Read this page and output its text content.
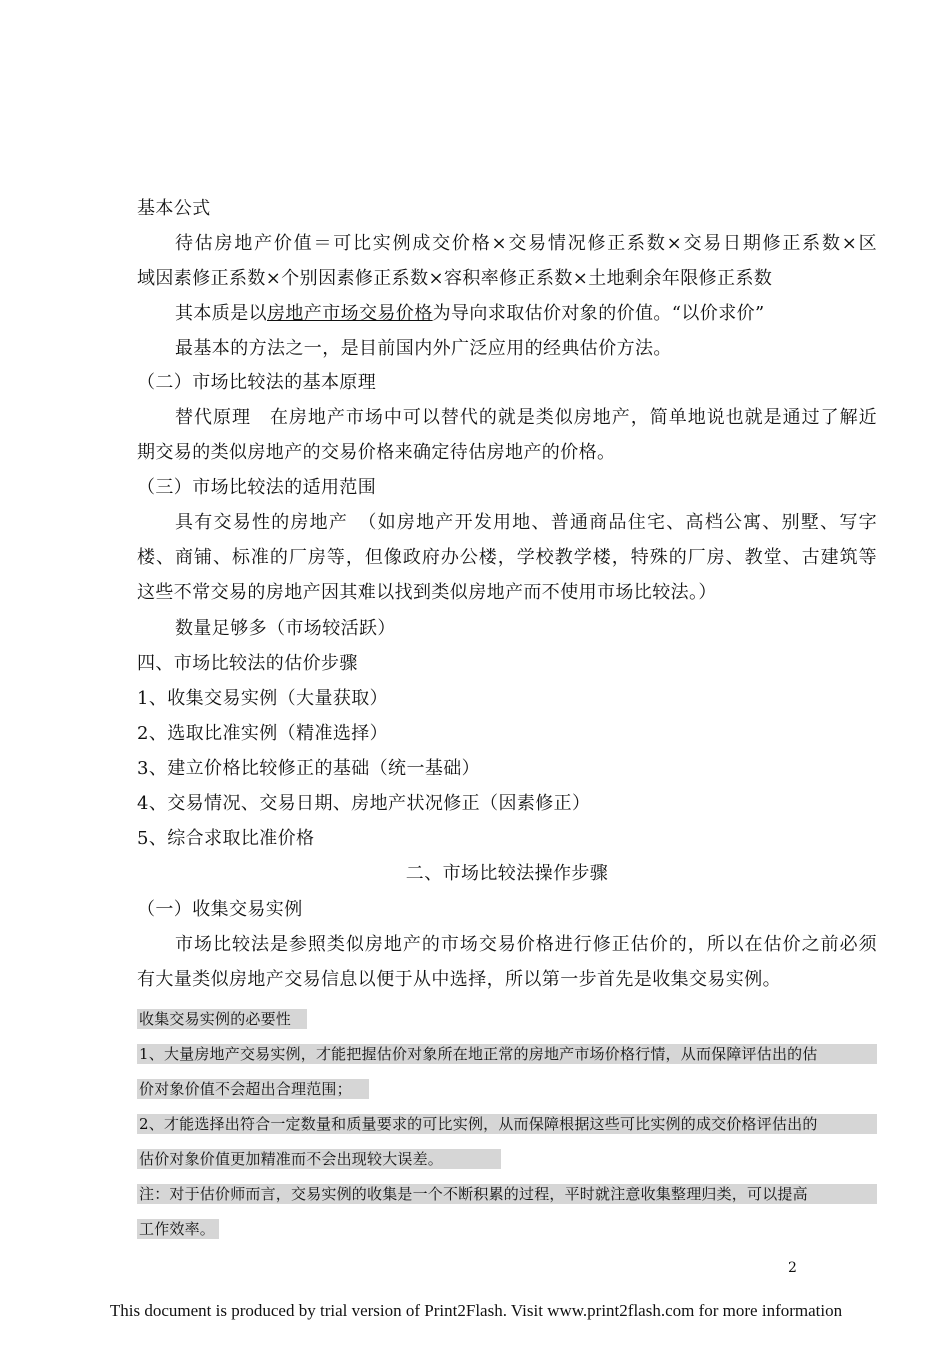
基本公式
待估房地产价值＝可比实例成交价格×交易情况修正系数×交易日期修正系数×区
域因素修正系数×个别因素修正系数×容积率修正系数×土地剩余年限修正系数
其本质是以房地产市场交易价格为导向求取估价对象的价值。“以价求价”
最基本的方法之一，是目前国内外广泛应用的经典估价方法。
（二）市场比较法的基本原理
替代原理　在房地产市场中可以替代的就是类似房地产，简单地说也就是通过了解近
期交易的类似房地产的交易价格来确定待估房地产的价格。
（三）市场比较法的适用范围
具有交易性的房地产　（如房地产开发用地、普通商品住宅、高档公寓、别墅、写字
楼、商铺、标准的厂房等，但像政府办公楼，学校教学楼，特殊的厂房、教堂、古建筑等
这些不常交易的房地产因其难以找到类似房地产而不使用市场比较法。）
数量足够多（市场较活跃）
四、市场比较法的估价步骤
1、收集交易实例（大量获取）
2、选取比准实例（精准选择）
3、建立价格比较修正的基础（统一基础）
4、交易情况、交易日期、房地产状况修正（因素修正）
5、综合求取比准价格
二、市场比较法操作步骤
（一）收集交易实例
市场比较法是参照类似房地产的市场交易价格进行修正估价的，所以在估价之前必须
有大量类似房地产交易信息以便于从中选择，所以第一步首先是收集交易实例。
收集交易实例的必要性
1、大量房地产交易实例，才能把握估价对象所在地正常的房地产市场价格行情，从而保障评估出的估
价对象价值不会超出合理范围；
2、才能选择出符合一定数量和质量要求的可比实例，从而保障根据这些可比实例的成交价格评估出的
估价对象价值更加精准而不会出现较大误差。
注：对于估价师而言，交易实例的收集是一个不断积累的过程，平时就注意收集整理归类，可以提高
工作效率。
2
This document is produced by trial version of Print2Flash. Visit www.print2flash.com for more information
